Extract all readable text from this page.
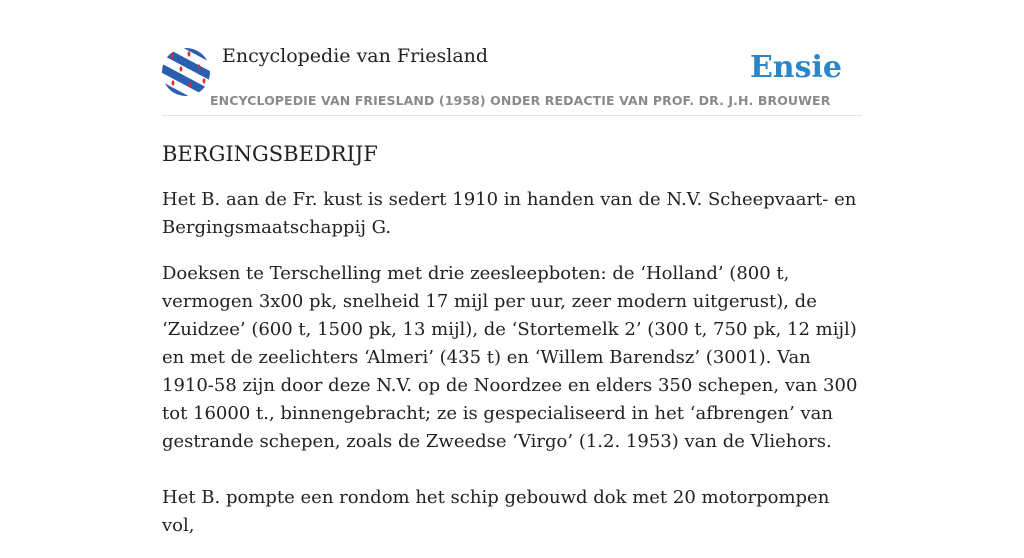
Encyclopedie van Friesland
ENCYCLOPEDIE VAN FRIESLAND (1958) ONDER REDACTIE VAN PROF. DR. J.H. BROUWER
Ensie
BERGINGSBEDRIJF

Het B. aan de Fr. kust is sedert 1910 in handen van de N.V. Scheepvaart- en Bergingsmaatschappij G.

Doeksen te Terschelling met drie zeesleepboten: de ‘Holland’ (800 t, vermogen 3x00 pk, snelheid 17 mijl per uur, zeer modern uitgerust), de ‘Zuidzee’ (600 t, 1500 pk, 13 mijl), de ‘Stortemelk 2’ (300 t, 750 pk, 12 mijl) en met de zeelichters ‘Almeri’ (435 t) en ‘Willem Barendsz’ (3001). Van 1910-58 zijn door deze N.V. op de Noordzee en elders 350 schepen, van 300 tot 16000 t., binnengebracht; ze is gespecialiseerd in het ‘afbrengen’ van gestrande schepen, zoals de Zweedse ‘Virgo’ (1.2. 1953) van de Vliehors.

Het B. pompte een rondom het schip gebouwd dok met 20 motorpompen vol,
